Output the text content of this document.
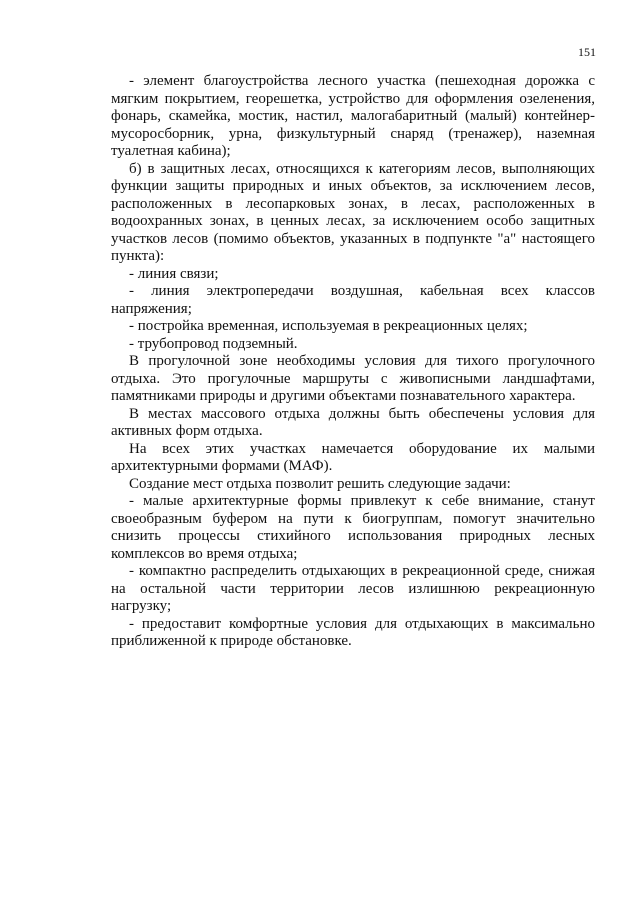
151

- элемент благоустройства лесного участка (пешеходная дорожка с мягким покрытием, георешетка, устройство для оформления озеленения, фонарь, скамейка, мостик, настил, малогабаритный (малый) контейнер-мусоросборник, урна, физкультурный снаряд (тренажер), наземная туалетная кабина);

б) в защитных лесах, относящихся к категориям лесов, выполняющих функции защиты природных и иных объектов, за исключением лесов, расположенных в лесопарковых зонах, в лесах, расположенных в водоохранных зонах, в ценных лесах, за исключением особо защитных участков лесов (помимо объектов, указанных в подпункте "а" настоящего пункта):

- линия связи;

- линия электропередачи воздушная, кабельная всех классов напряжения;

- постройка временная, используемая в рекреационных целях;

- трубопровод подземный.

В прогулочной зоне необходимы условия для тихого прогулочного отдыха. Это прогулочные маршруты с живописными ландшафтами, памятниками природы и другими объектами познавательного характера.

В местах массового отдыха должны быть обеспечены условия для активных форм отдыха.

На всех этих участках намечается оборудование их малыми архитектурными формами (МАФ).

Создание мест отдыха позволит решить следующие задачи:

- малые архитектурные формы привлекут к себе внимание, станут своеобразным буфером на пути к биогруппам, помогут значительно снизить процессы стихийного использования природных лесных комплексов во время отдыха;

- компактно распределить отдыхающих в рекреационной среде, снижая на остальной части территории лесов излишнюю рекреационную нагрузку;

- предоставит комфортные условия для отдыхающих в максимально приближенной к природе обстановке.
